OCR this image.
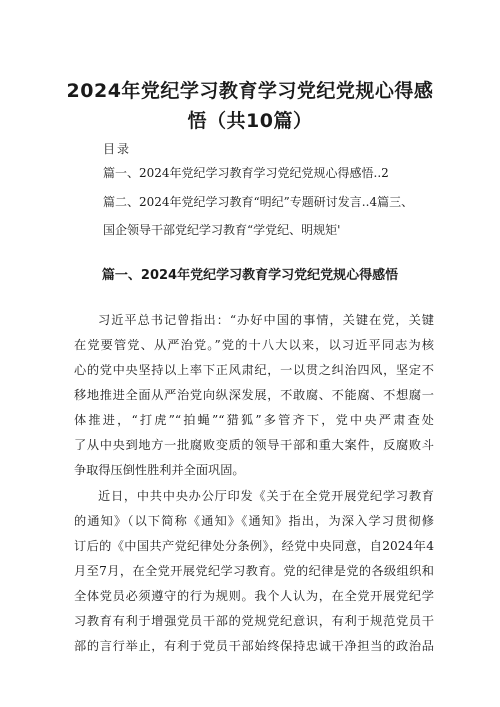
2024年党纪学习教育学习党纪党规心得感
悟（共10篇）
目录
篇一、2024年党纪学习教育学习党纪党规心得感悟..2
篇二、2024年党纪学习教育“明纪”专题研讨发言..4篇三、
国企领导干部党纪学习教育“学党纪、明规矩'
篇一、2024年党纪学习教育学习党纪党规心得感悟
习近平总书记曾指出：“办好中国的事情，关键在党，关键
在党要管党、从严治党。”党的十八大以来，以习近平同志为核
心的党中央坚持以上率下正风肃纪，一以贯之纠治四风，坚定不
移地推进全面从严治党向纵深发展，不敢腐、不能腐、不想腐一
体推进，“打虎”“拍蝇”“猎狐”多管齐下，党中央严肃查处
了从中央到地方一批腐败变质的领导干部和重大案件，反腐败斗
争取得压倒性胜利并全面巩固。
近日，中共中央办公厅印发《关于在全党开展党纪学习教育
的通知》（以下简称《通知》《通知》指出，为深入学习贯彻修
订后的《中国共产党纪律处分条例》，经党中央同意，自2024年4
月至7月，在全党开展党纪学习教育。党的纪律是党的各级组织和
全体党员必须遵守的行为规则。我个人认为，在全党开展党纪学
习教育有利于增强党员干部的党规党纪意识，有利于规范党员干
部的言行举止，有利于党员干部始终保持忠诚干净担当的政治品
